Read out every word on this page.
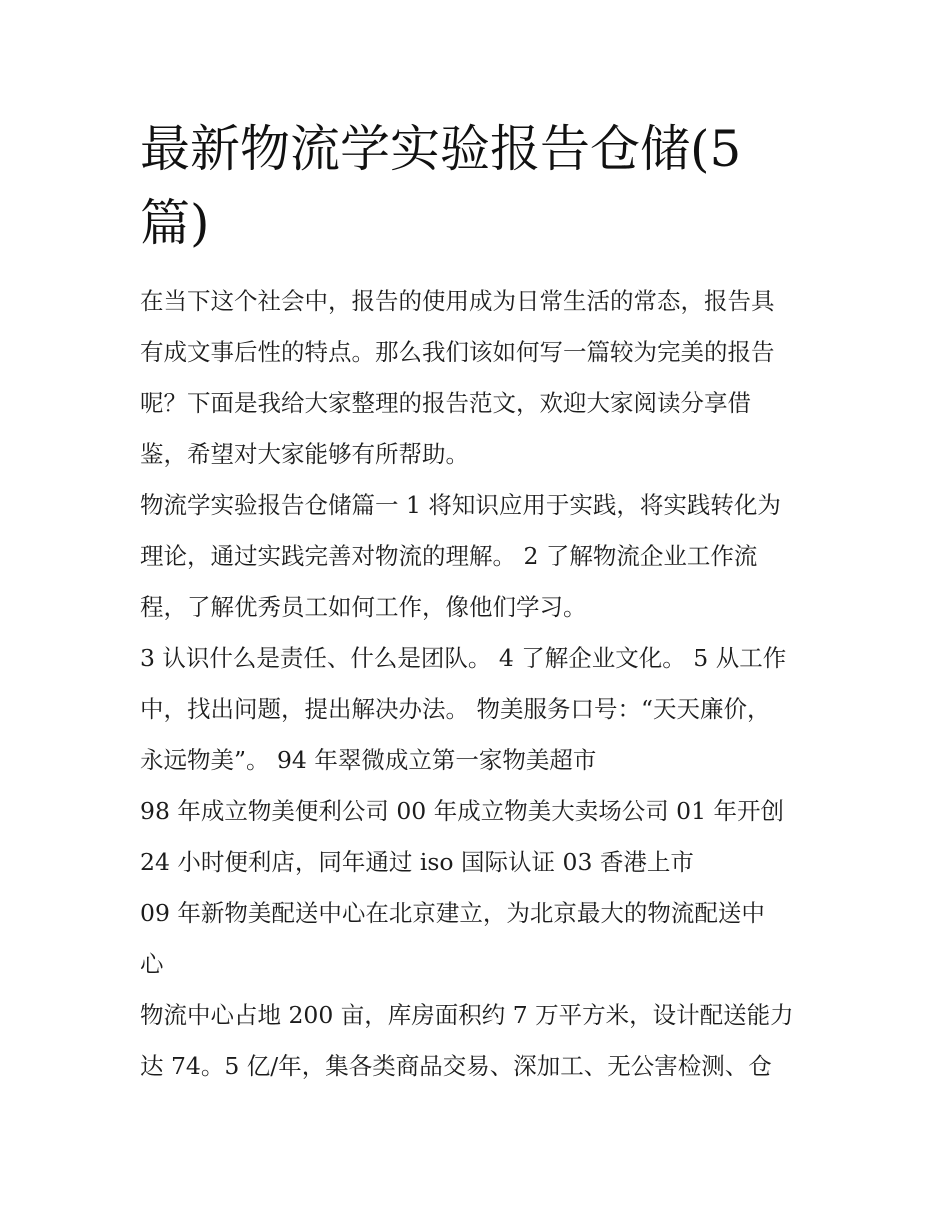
最新物流学实验报告仓储(5
篇)

在当下这个社会中，报告的使用成为日常生活的常态，报告具
有成文事后性的特点。那么我们该如何写一篇较为完美的报告
呢？下面是我给大家整理的报告范文，欢迎大家阅读分享借
鉴，希望对大家能够有所帮助。

物流学实验报告仓储篇一 1 将知识应用于实践，将实践转化为
理论，通过实践完善对物流的理解。 2 了解物流企业工作流
程，了解优秀员工如何工作，像他们学习。

3 认识什么是责任、什么是团队。 4 了解企业文化。 5 从工作
中，找出问题，提出解决办法。 物美服务口号：“天天廉价，
永远物美”。 94 年翠微成立第一家物美超市

98 年成立物美便利公司 00 年成立物美大卖场公司 01 年开创
24 小时便利店，同年通过 iso 国际认证 03 香港上市

09 年新物美配送中心在北京建立，为北京最大的物流配送中
心

物流中心占地 200 亩，库房面积约 7 万平方米，设计配送能力
达 74。5 亿/年，集各类商品交易、深加工、无公害检测、仓
